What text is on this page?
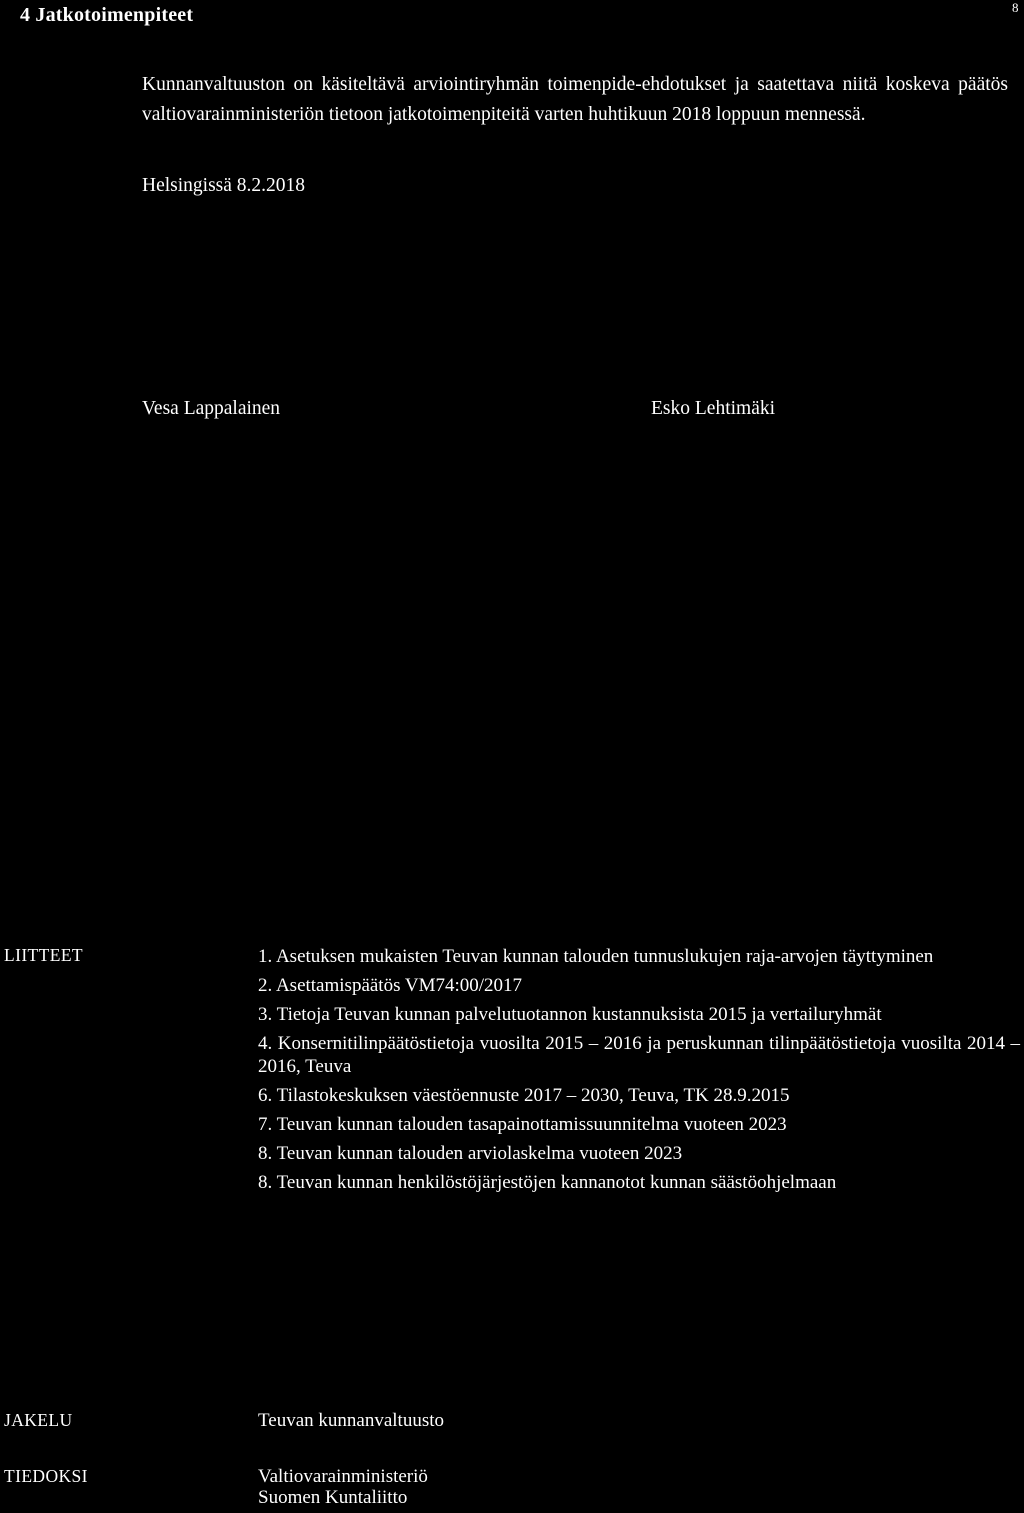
4 Jatkotoimenpiteet	8
Kunnanvaltuuston on käsiteltävä arviointiryhmän toimenpide-ehdotukset ja saatettava niitä koskeva päätös valtiovarainministeriön tietoon jatkotoimenpiteitä varten huhtikuun 2018 loppuun mennessä.
Helsingissä 8.2.2018
Vesa Lappalainen	Esko Lehtimäki
LIITTEET	1. Asetuksen mukaisten Teuvan kunnan talouden tunnuslukujen raja-arvojen täyttyminen
2. Asettamispäätös VM74:00/2017
3. Tietoja Teuvan kunnan palvelutuotannon kustannuksista 2015 ja vertailuryhmät
4. Konsernitilinpäätöstietoja vuosilta 2015 – 2016 ja peruskunnan tilinpäätöstietoja vuosilta 2014 – 2016, Teuva
6. Tilastokeskuksen väestöennuste 2017 – 2030, Teuva, TK 28.9.2015
7. Teuvan kunnan talouden tasapainottamissuunnitelma vuoteen 2023
8. Teuvan kunnan talouden arviolaskelma vuoteen 2023
8. Teuvan kunnan henkilöstöjärjestöjen kannanotot kunnan säästöohjelmaan
JAKELU	Teuvan kunnanvaltuusto
TIEDOKSI	Valtiovarainministeriö
Suomen Kuntaliitto
